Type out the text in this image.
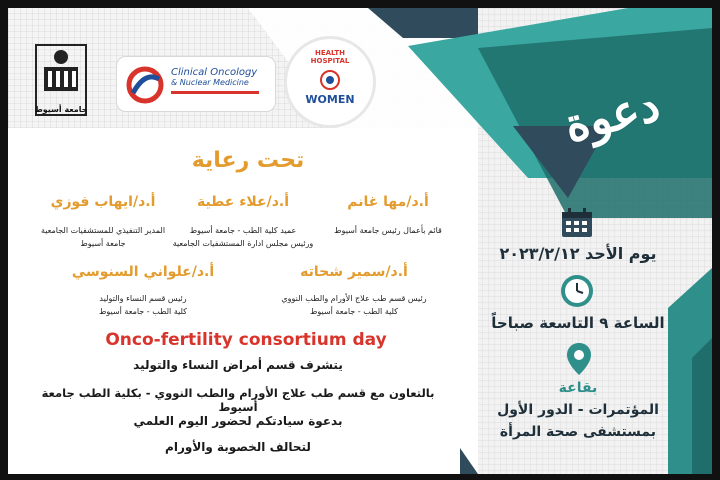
جامعة أسيوط
Clinical Oncology
& Nuclear Medicine
HEALTH HOSPITAL
WOMEN	دعوة
تحت رعاية
أ.د/ايهاب فوزي
المدير التنفيذي للمستشفيات الجامعية
جامعة أسيوط
أ.د/علاء عطية
عميد كلية الطب - جامعة أسيوط
ورئيس مجلس ادارة المستشفيات الجامعية
أ.د/مها غانم
قائم بأعمال رئيس جامعة أسيوط
أ.د/علواني السنوسي
رئيس قسم النساء والتوليد
كلية الطب - جامعة أسيوط
أ.د/سمير شحاته
رئيس قسم طب علاج الأورام والطب النووي
كلية الطب - جامعة أسيوط
Onco-fertility consortium day
يتشرف قسم أمراض النساء والتوليد
بالتعاون مع قسم طب علاج الأورام والطب النووي - بكلية الطب جامعة أسيوط
بدعوة سيادتكم لحضور اليوم العلمي
لتحالف الخصوبة والأورام
يوم الأحد ٢٠٢٣/٢/١٢
الساعة ٩ التاسعة صباحاً
بقاعة
المؤتمرات - الدور الأول
بمستشفى صحة المرأة
